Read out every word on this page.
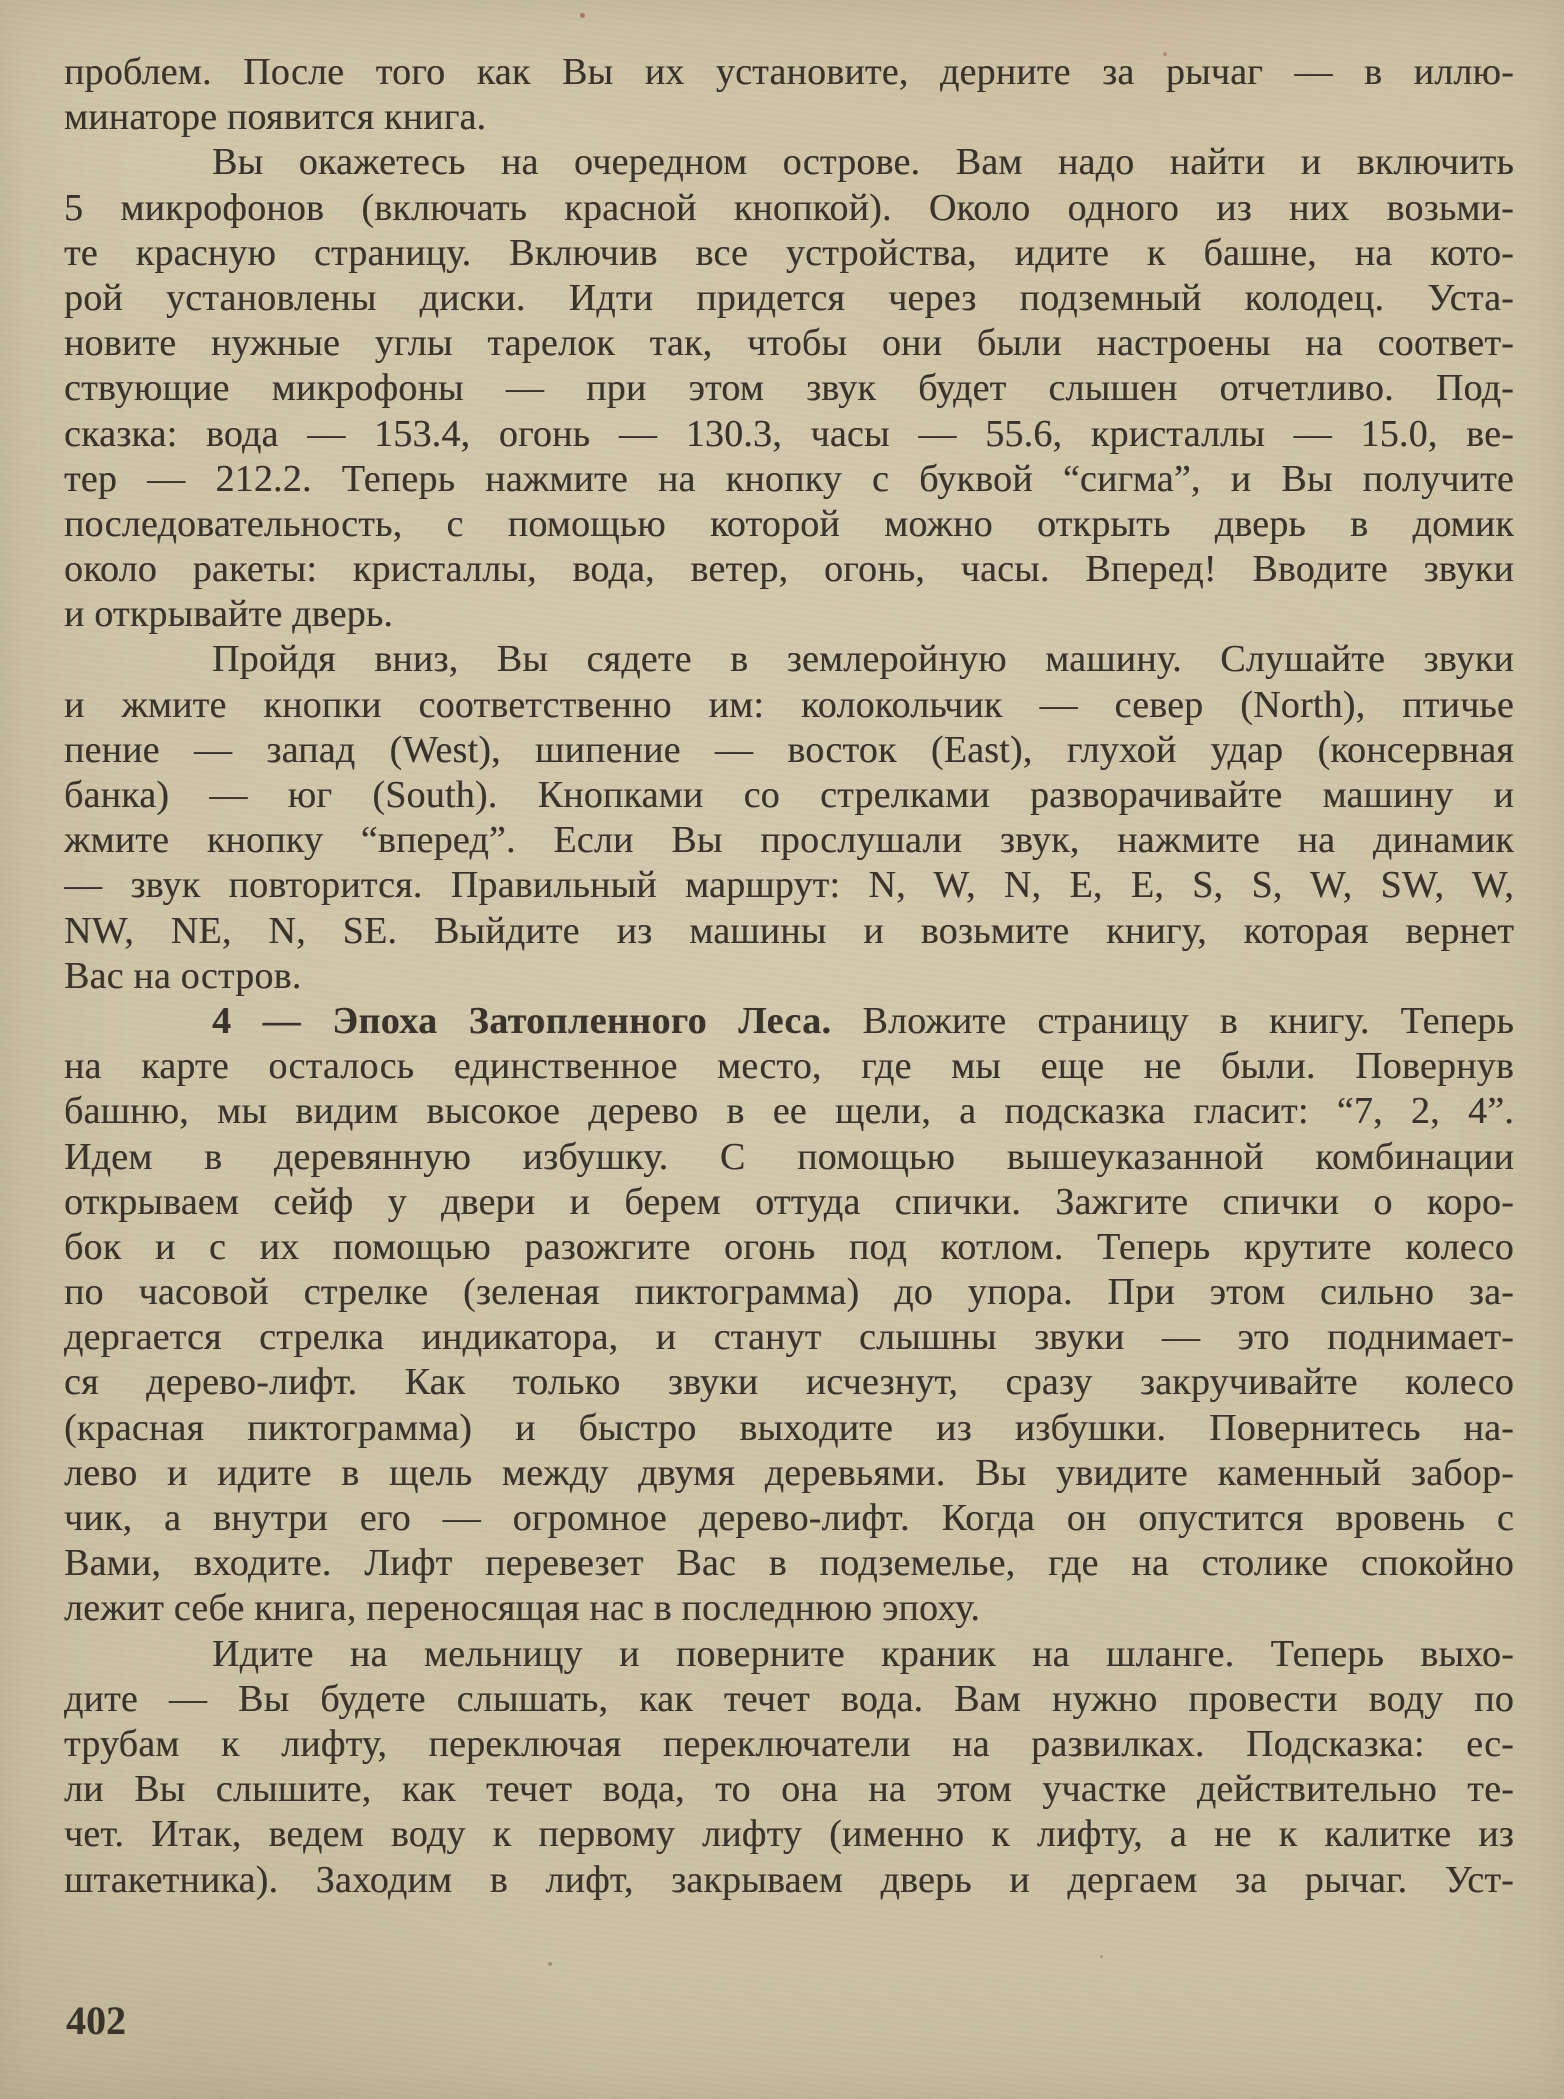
проблем. После того как Вы их установите, дерните за рычаг — в иллю-
минаторе появится книга.
Вы окажетесь на очередном острове. Вам надо найти и включить
5 микрофонов (включать красной кнопкой). Около одного из них возьми-
те красную страницу. Включив все устройства, идите к башне, на кото-
рой установлены диски. Идти придется через подземный колодец. Уста-
новите нужные углы тарелок так, чтобы они были настроены на соответ-
ствующие микрофоны — при этом звук будет слышен отчетливо. Под-
сказка: вода — 153.4, огонь — 130.3, часы — 55.6, кристаллы — 15.0, ве-
тер — 212.2. Теперь нажмите на кнопку с буквой “сигма”, и Вы получите
последовательность, с помощью которой можно открыть дверь в домик
около ракеты: кристаллы, вода, ветер, огонь, часы. Вперед! Вводите звуки
и открывайте дверь.
Пройдя вниз, Вы сядете в землеройную машину. Слушайте звуки
и жмите кнопки соответственно им: колокольчик — север (North), птичье
пение — запад (West), шипение — восток (East), глухой удар (консервная
банка) — юг (South). Кнопками со стрелками разворачивайте машину и
жмите кнопку “вперед”. Если Вы прослушали звук, нажмите на динамик
— звук повторится. Правильный маршрут: N, W, N, E, E, S, S, W, SW, W,
NW, NE, N, SE. Выйдите из машины и возьмите книгу, которая вернет
Вас на остров.
4 — Эпоха Затопленного Леса. Вложите страницу в книгу. Теперь
на карте осталось единственное место, где мы еще не были. Повернув
башню, мы видим высокое дерево в ее щели, а подсказка гласит: “7, 2, 4”.
Идем в деревянную избушку. С помощью вышеуказанной комбинации
открываем сейф у двери и берем оттуда спички. Зажгите спички о коро-
бок и с их помощью разожгите огонь под котлом. Теперь крутите колесо
по часовой стрелке (зеленая пиктограмма) до упора. При этом сильно за-
дергается стрелка индикатора, и станут слышны звуки — это поднимает-
ся дерево-лифт. Как только звуки исчезнут, сразу закручивайте колесо
(красная пиктограмма) и быстро выходите из избушки. Повернитесь на-
лево и идите в щель между двумя деревьями. Вы увидите каменный забор-
чик, а внутри его — огромное дерево-лифт. Когда он опустится вровень с
Вами, входите. Лифт перевезет Вас в подземелье, где на столике спокойно
лежит себе книга, переносящая нас в последнюю эпоху.
Идите на мельницу и поверните краник на шланге. Теперь выхо-
дите — Вы будете слышать, как течет вода. Вам нужно провести воду по
трубам к лифту, переключая переключатели на развилках. Подсказка: ес-
ли Вы слышите, как течет вода, то она на этом участке действительно те-
чет. Итак, ведем воду к первому лифту (именно к лифту, а не к калитке из
штакетника). Заходим в лифт, закрываем дверь и дергаем за рычаг. Уст-
402
